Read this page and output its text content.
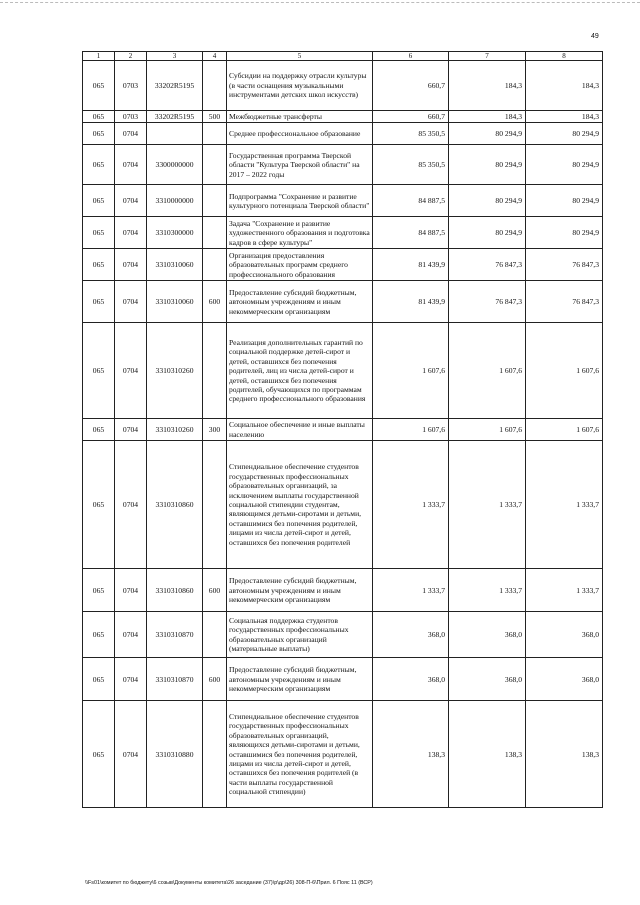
49
1	2	3	4	5	6	7	8
065	0703	33202R5195		Субсидии на поддержку отрасли культуры (в части оснащения музыкальными инструментами детских школ искусств)	660,7	184,3	184,3
065	0703	33202R5195	500	Межбюджетные трансферты	660,7	184,3	184,3
065	0704			Среднее профессиональное образование	85 350,5	80 294,9	80 294,9
065	0704	3300000000		Государственная программа Тверской области "Культура Тверской области" на 2017 – 2022 годы	85 350,5	80 294,9	80 294,9
065	0704	3310000000		Подпрограмма "Сохранение и развитие культурного потенциала Тверской области"	84 887,5	80 294,9	80 294,9
065	0704	3310300000		Задача "Сохранение и развитие художественного образования и подготовка кадров в сфере культуры"	84 887,5	80 294,9	80 294,9
065	0704	3310310060		Организация предоставления образовательных программ среднего профессионального образования	81 439,9	76 847,3	76 847,3
065	0704	3310310060	600	Предоставление субсидий бюджетным, автономным учреждениям и иным некоммерческим организациям	81 439,9	76 847,3	76 847,3
065	0704	3310310260		Реализация дополнительных гарантий по социальной поддержке детей-сирот и детей, оставшихся без попечения родителей, лиц из числа детей-сирот и детей, оставшихся без попечения родителей, обучающихся по программам среднего профессионального образования	1 607,6	1 607,6	1 607,6
065	0704	3310310260	300	Социальное обеспечение и иные выплаты населению	1 607,6	1 607,6	1 607,6
065	0704	3310310860		Стипендиальное обеспечение студентов государственных профессиональных образовательных организаций, за исключением выплаты государственной социальной стипендии студентам, являющимся детьми-сиротами и детьми, оставшимися без попечения родителей, лицами из числа детей-сирот и детей, оставшихся без попечения родителей	1 333,7	1 333,7	1 333,7
065	0704	3310310860	600	Предоставление субсидий бюджетным, автономным учреждениям и иным некоммерческим организациям	1 333,7	1 333,7	1 333,7
065	0704	3310310870		Социальная поддержка студентов государственных профессиональных образовательных организаций (материальные выплаты)	368,0	368,0	368,0
065	0704	3310310870	600	Предоставление субсидий бюджетным, автономным учреждениям и иным некоммерческим организациям	368,0	368,0	368,0
065	0704	3310310880		Стипендиальное обеспечение студентов государственных профессиональных образовательных организаций, являющихся детьми-сиротами и детьми, оставшимися без попечения родителей, лицами из числа детей-сирот и детей, оставшихся без попечения родителей (в части выплаты государственной социальной стипендии)	138,3	138,3	138,3
\\Fs01\комитет по бюджету\6 созыв\Документы комитета\26 заседание (37)\р\др\26) 308-П-6\Прил. 6 Пояс 11 (ВСР)
